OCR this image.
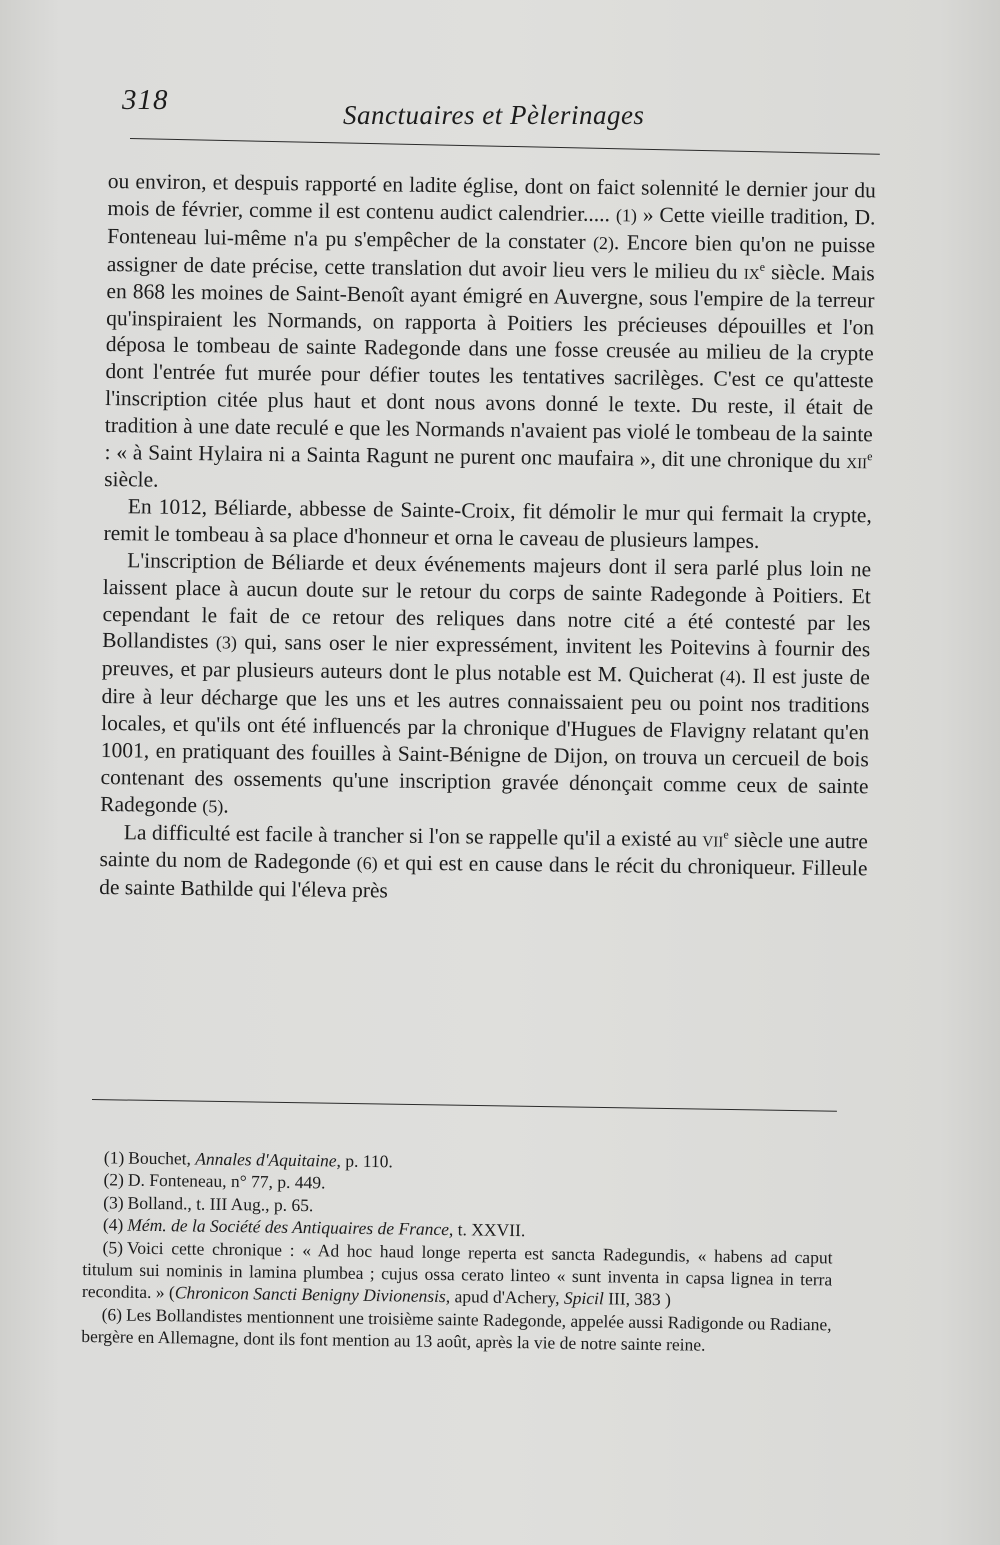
318	Sanctuaires et Pèlerinages

ou environ, et despuis rapporté en ladite église, dont on faict solennité le dernier jour du mois de février, comme il est contenu audict calendrier..... (1) » Cette vieille tradition, D. Fonteneau lui-même n'a pu s'empêcher de la constater (2). Encore bien qu'on ne puisse assigner de date précise, cette translation dut avoir lieu vers le milieu du $ix^e$ siècle. Mais en 868 les moines de Saint-Benoît ayant émigré en Auvergne, sous l'empire de la terreur qu'inspiraient les Normands, on rapporta à Poitiers les précieuses dépouilles et l'on déposa le tombeau de sainte Radegonde dans une fosse creusée au milieu de la crypte dont l'entrée fut murée pour défier toutes les tentatives sacrilèges. C'est ce qu'atteste l'inscription citée plus haut et dont nous avons donné le texte. Du reste, il était de tradition à une date reculé e que les Normands n'avaient pas violé le tombeau de la sainte : « à Saint Hylaira ni a Sainta Ragunt ne purent onc maufaira », dit une chronique du xii$^e$ siècle.

En 1012, Béliarde, abbesse de Sainte-Croix, fit démolir le mur qui fermait la crypte, remit le tombeau à sa place d'honneur et orna le caveau de plusieurs lampes.

L'inscription de Béliarde et deux événements majeurs dont il sera parlé plus loin ne laissent place à aucun doute sur le retour du corps de sainte Radegonde à Poitiers. Et cependant le fait de ce retour des reliques dans notre cité a été contesté par les Bollandistes (3) qui, sans oser le nier expressément, invitent les Poitevins à fournir des preuves, et par plusieurs auteurs dont le plus notable est M. Quicherat (4). Il est juste de dire à leur décharge que les uns et les autres connaissaient peu ou point nos traditions locales, et qu'ils ont été influencés par la chronique d'Hugues de Flavigny relatant qu'en 1001, en pratiquant des fouilles à Saint-Bénigne de Dijon, on trouva un cercueil de bois contenant des ossements qu'une inscription gravée dénonçait comme ceux de sainte Radegonde (5).

La difficulté est facile à trancher si l'on se rappelle qu'il a existé au vii$^e$ siècle une autre sainte du nom de Radegonde (6) et qui est en cause dans le récit du chroniqueur. Filleule de sainte Bathilde qui l'éleva près

(1) Bouchet, Annales d'Aquitaine, p. 110.

(2) D. Fonteneau, n° 77, p. 449.

(3) Bolland., t. III Aug., p. 65.

(4) Mém. de la Société des Antiquaires de France, t. XXVII.

(5) Voici cette chronique : « Ad hoc haud longe reperta est sancta Radegundis, « habens ad caput titulum sui nominis in lamina plumbea ; cujus ossa cerato linteo « sunt inventa in capsa lignea in terra recondita. » (Chronicon Sancti Benigny Divionensis, apud d'Achery, Spicil III, 383 )

(6) Les Bollandistes mentionnent une troisième sainte Radegonde, appelée aussi Radigonde ou Radiane, bergère en Allemagne, dont ils font mention au 13 août, après la vie de notre sainte reine.
